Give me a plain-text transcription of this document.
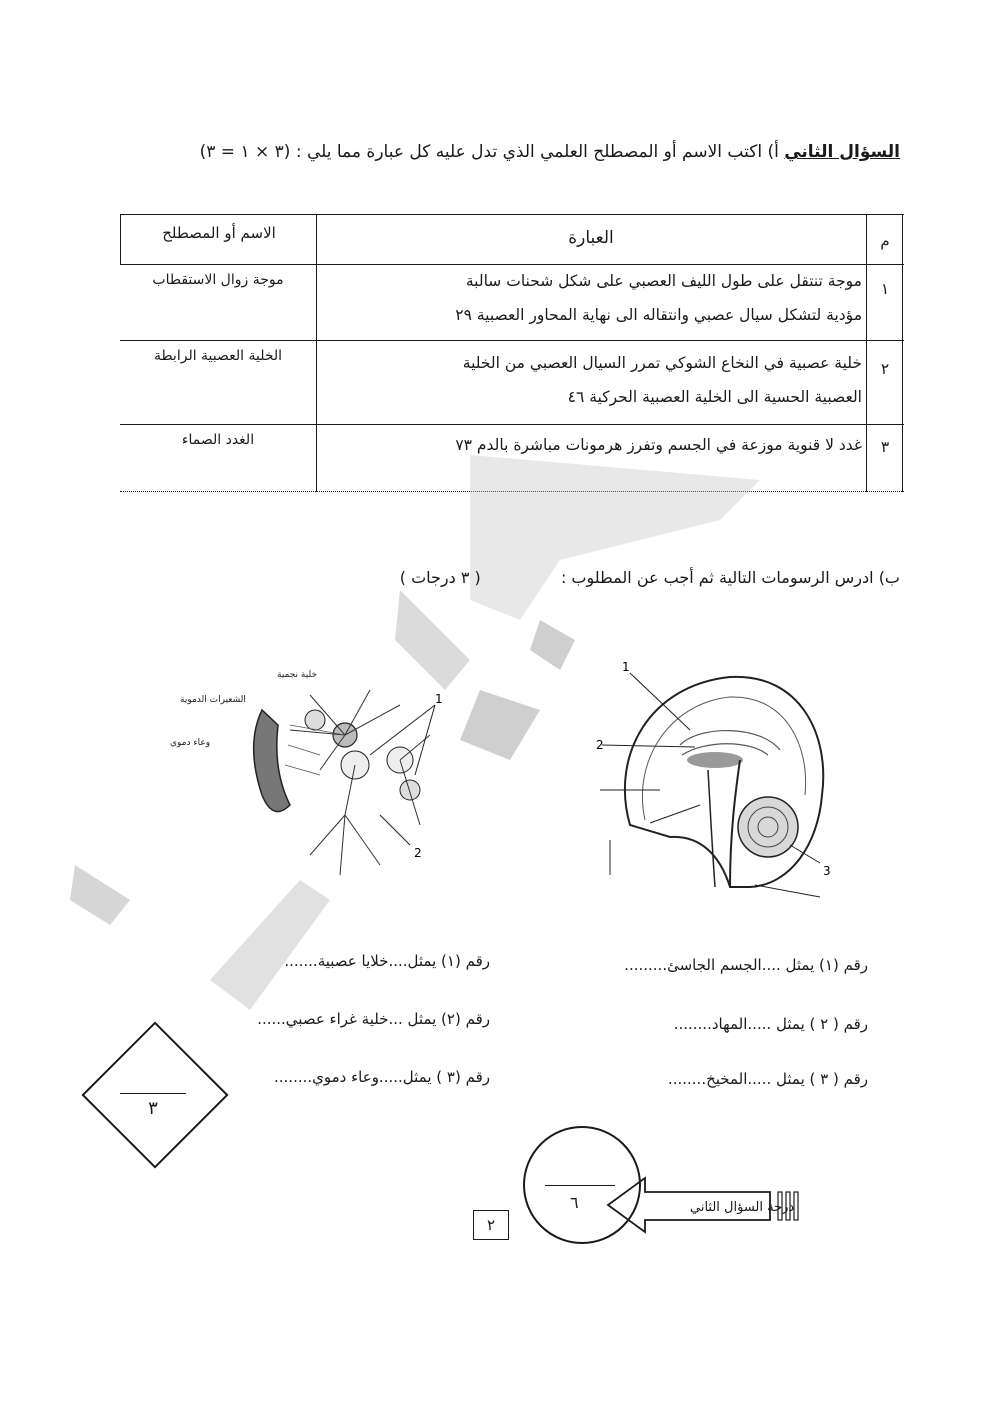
السؤال الثاني أ) اكتب الاسم أو المصطلح العلمي الذي تدل عليه كل عبارة مما يلي : (٣ × ١ = ٣)
م
العبارة
الاسم أو المصطلح
١
موجة تنتقل على طول الليف العصبي على شكل شحنات سالبة
مؤدية لتشكل سيال عصبي وانتقاله الى نهاية المحاور العصبية ٢٩
موجة زوال الاستقطاب
٢
خلية عصبية في النخاع الشوكي تمرر السيال العصبي من الخلية
العصبية الحسية الى الخلية العصبية الحركية ٤٦
الخلية العصبية الرابطة
٣
غدد لا قنوية موزعة في الجسم وتفرز هرمونات مباشرة بالدم ٧٣
الغدد الصماء
ب) ادرس الرسومات التالية ثم أجب عن المطلوب :  ( ٣ درجات )
1
2
3
1
2
خلية نجمية
الشعيرات الدموية
وعاء دموي
رقم (١) يمثل ....الجسم الجاسئ.........
رقم ( ٢ ) يمثل .....المهاد........
رقم ( ٣ ) يمثل .....المخيخ........
رقم (١) يمثل....خلايا عصبية.......
رقم (٢) يمثل ...خلية غراء عصبي......
رقم (٣ ) يمثل.....وعاء دموي........
٣
٦	درجة السؤال الثاني
٢
